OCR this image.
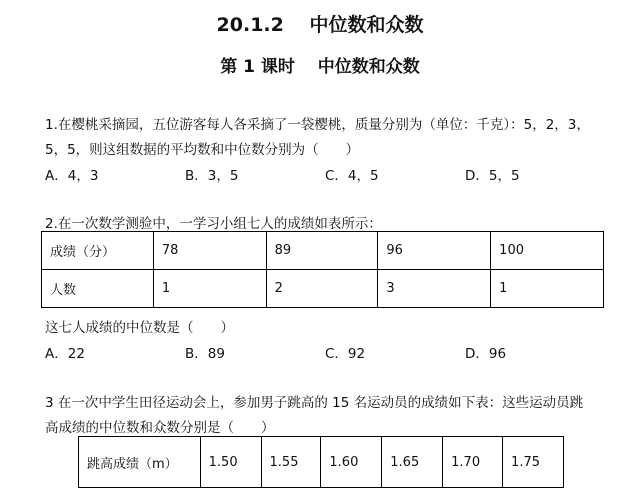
20.1.2　 中位数和众数
第 1 课时　 中位数和众数
1.在樱桃采摘园，五位游客每人各采摘了一袋樱桃，质量分别为（单位：千克）：5，2，3，
5，5，则这组数据的平均数和中位数分别为（　　）
A．4，3	B．3，5	C．4，5	D．5，5
2.在一次数学测验中，一学习小组七人的成绩如表所示：
成绩（分）	78	89	96	100
人数	1	2	3	1
这七人成绩的中位数是（　　）
A．22	B．89	C．92	D．96
3 在一次中学生田径运动会上，参加男子跳高的 15 名运动员的成绩如下表：这些运动员跳
高成绩的中位数和众数分别是（　　）
跳高成绩（m）	1.50	1.55	1.60	1.65	1.70	1.75
